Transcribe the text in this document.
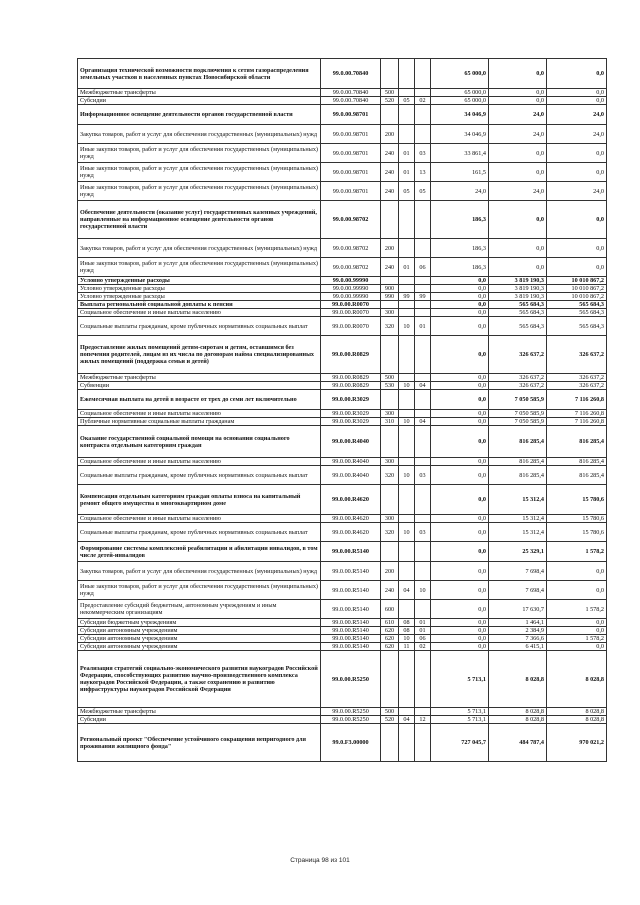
Организация технической возможности подключения к сетям газораспределения земельных участков в населенных пунктах Новосибирской области	99.0.00.70840				65 000,0	0,0	0,0
Межбюджетные трансферты	99.0.00.70840	500			65 000,0	0,0	0,0
Субсидии	99.0.00.70840	520	05	02	65 000,0	0,0	0,0
Информационное освещение деятельности органов государственной власти	99.0.00.98701				34 046,9	24,0	24,0
Закупка товаров, работ и услуг для обеспечения государственных (муниципальных) нужд	99.0.00.98701	200			34 046,9	24,0	24,0
Иные закупки товаров, работ и услуг для обеспечения государственных (муниципальных) нужд	99.0.00.98701	240	01	03	33 861,4	0,0	0,0
Иные закупки товаров, работ и услуг для обеспечения государственных (муниципальных) нужд	99.0.00.98701	240	01	13	161,5	0,0	0,0
Иные закупки товаров, работ и услуг для обеспечения государственных (муниципальных) нужд	99.0.00.98701	240	05	05	24,0	24,0	24,0
Обеспечение деятельности (оказание услуг) государственных казенных учреждений, направленные на информационное освещение деятельности органов государственной власти	99.0.00.98702				186,3	0,0	0,0
Закупка товаров, работ и услуг для обеспечения государственных (муниципальных) нужд	99.0.00.98702	200			186,3	0,0	0,0
Иные закупки товаров, работ и услуг для обеспечения государственных (муниципальных) нужд	99.0.00.98702	240	01	06	186,3	0,0	0,0
Условно утвержденные расходы	99.0.00.99990				0,0	3 819 190,3	10 010 867,2
Условно утвержденные расходы	99.0.00.99990	900			0,0	3 819 190,3	10 010 867,2
Условно утвержденные расходы	99.0.00.99990	990	99	99	0,0	3 819 190,3	10 010 867,2
Выплата региональной социальной доплаты к пенсии	99.0.00.R0070				0,0	565 684,3	565 684,3
Социальное обеспечение и иные выплаты населению	99.0.00.R0070	300			0,0	565 684,3	565 684,3
Социальные выплаты гражданам, кроме публичных нормативных социальных выплат	99.0.00.R0070	320	10	01	0,0	565 684,3	565 684,3
Предоставление жилых помещений детям-сиротам и детям, оставшимся без попечения родителей, лицам из их числа по договорам найма специализированных жилых помещений (поддержка семьи и детей)	99.0.00.R0829				0,0	326 637,2	326 637,2
Межбюджетные трансферты	99.0.00.R0829	500			0,0	326 637,2	326 637,2
Субвенции	99.0.00.R0829	530	10	04	0,0	326 637,2	326 637,2
Ежемесячная выплата на детей в возрасте от трех до семи лет включительно	99.0.00.R3029				0,0	7 050 585,9	7 116 260,8
Социальное обеспечение и иные выплаты населению	99.0.00.R3029	300			0,0	7 050 585,9	7 116 260,8
Публичные нормативные социальные выплаты гражданам	99.0.00.R3029	310	10	04	0,0	7 050 585,9	7 116 260,8
Оказание государственной социальной помощи на основании социального контракта отдельным категориям граждан	99.0.00.R4040				0,0	816 285,4	816 285,4
Социальное обеспечение и иные выплаты населению	99.0.00.R4040	300			0,0	816 285,4	816 285,4
Социальные выплаты гражданам, кроме публичных нормативных социальных выплат	99.0.00.R4040	320	10	03	0,0	816 285,4	816 285,4
Компенсация отдельным категориям граждан оплаты взноса на капитальный ремонт общего имущества в многоквартирном доме	99.0.00.R4620				0,0	15 312,4	15 780,6
Социальное обеспечение и иные выплаты населению	99.0.00.R4620	300			0,0	15 312,4	15 780,6
Социальные выплаты гражданам, кроме публичных нормативных социальных выплат	99.0.00.R4620	320	10	03	0,0	15 312,4	15 780,6
Формирование системы комплексной реабилитации и абилитации инвалидов, в том числе детей-инвалидов	99.0.00.R5140				0,0	25 329,1	1 578,2
Закупка товаров, работ и услуг для обеспечения государственных (муниципальных) нужд	99.0.00.R5140	200			0,0	7 698,4	0,0
Иные закупки товаров, работ и услуг для обеспечения государственных (муниципальных) нужд	99.0.00.R5140	240	04	10	0,0	7 698,4	0,0
Предоставление субсидий бюджетным, автономным учреждениям и иным некоммерческим организациям	99.0.00.R5140	600			0,0	17 630,7	1 578,2
Субсидии бюджетным учреждениям	99.0.00.R5140	610	08	01	0,0	1 464,1	0,0
Субсидии автономным учреждениям	99.0.00.R5140	620	08	01	0,0	2 384,9	0,0
Субсидии автономным учреждениям	99.0.00.R5140	620	10	06	0,0	7 366,6	1 578,2
Субсидии автономным учреждениям	99.0.00.R5140	620	11	02	0,0	6 415,1	0,0
Реализация стратегий социально-экономического развития наукоградов Российской Федерации, способствующих развитию научно-производственного комплекса наукоградов Российской Федерации, а также сохранению и развитию инфраструктуры наукоградов Российской Федерации	99.0.00.R5250				5 713,1	8 028,8	8 028,8
Межбюджетные трансферты	99.0.00.R5250	500			5 713,1	8 028,8	8 028,8
Субсидии	99.0.00.R5250	520	04	12	5 713,1	8 028,8	8 028,8
Региональный проект "Обеспечение устойчивого сокращения непригодного для проживания жилищного фонда"	99.0.F3.00000				727 045,7	484 787,4	970 021,2
Страница 98 из 101
